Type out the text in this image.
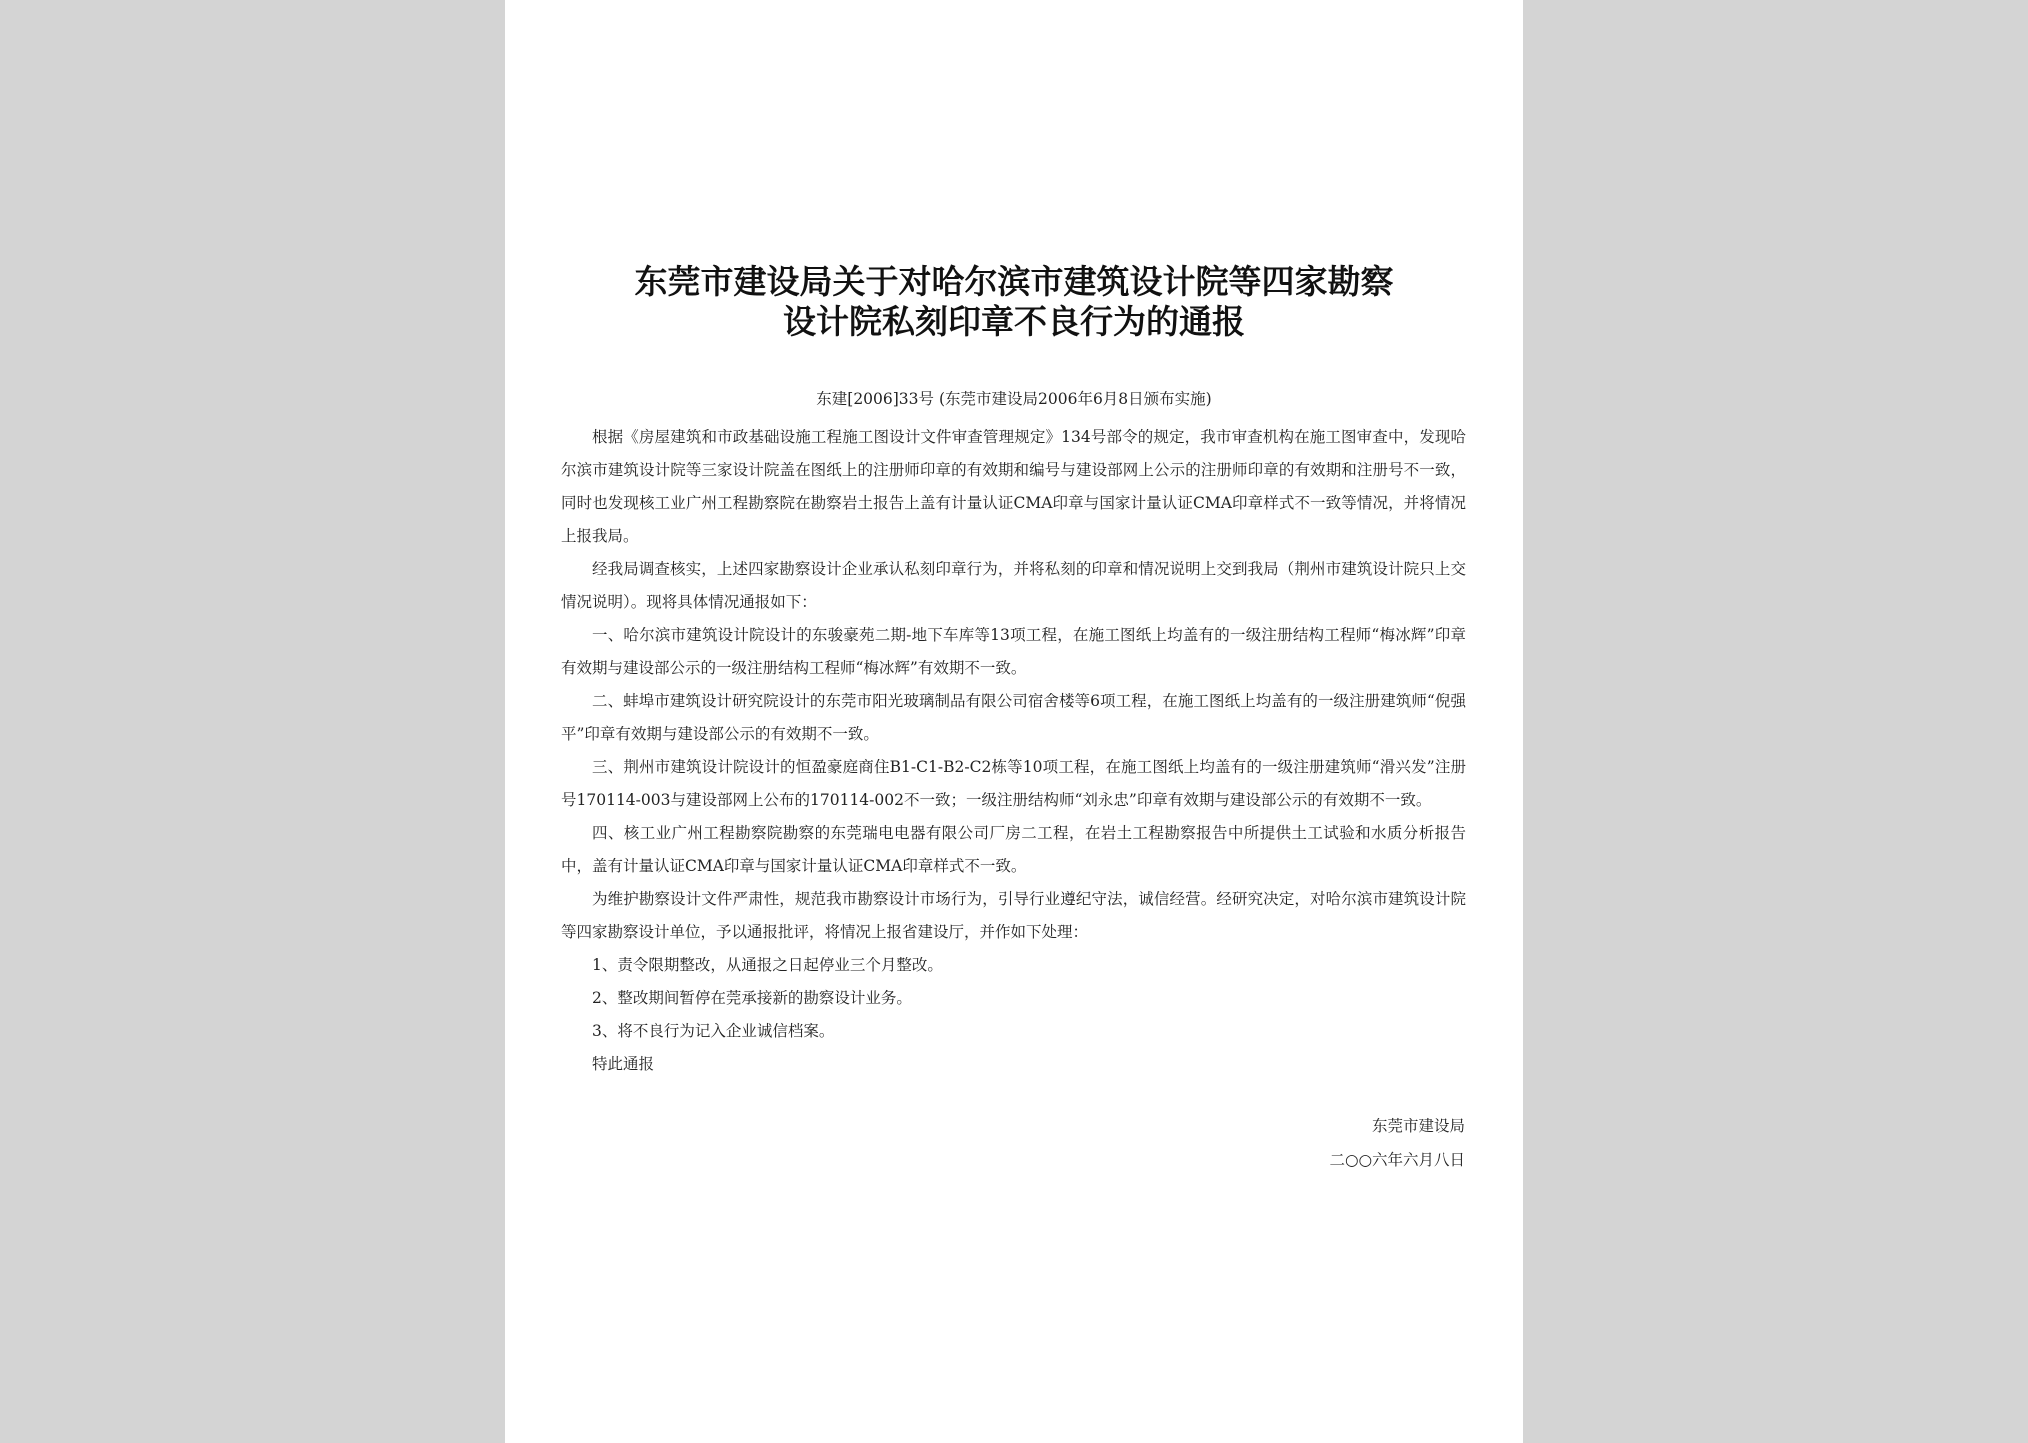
东莞市建设局关于对哈尔滨市建筑设计院等四家勘察
设计院私刻印章不良行为的通报
东建[2006]33号 (东莞市建设局2006年6月8日颁布实施)

根据《房屋建筑和市政基础设施工程施工图设计文件审查管理规定》134号部令的规定，我市审查机构在施工图审查中，发现哈尔滨市建筑设计院等三家设计院盖在图纸上的注册师印章的有效期和编号与建设部网上公示的注册师印章的有效期和注册号不一致，同时也发现核工业广州工程勘察院在勘察岩土报告上盖有计量认证CMA印章与国家计量认证CMA印章样式不一致等情况，并将情况上报我局。

经我局调查核实，上述四家勘察设计企业承认私刻印章行为，并将私刻的印章和情况说明上交到我局（荆州市建筑设计院只上交情况说明）。现将具体情况通报如下：

一、哈尔滨市建筑设计院设计的东骏豪苑二期-地下车库等13项工程，在施工图纸上均盖有的一级注册结构工程师“梅冰辉”印章有效期与建设部公示的一级注册结构工程师“梅冰辉”有效期不一致。

二、蚌埠市建筑设计研究院设计的东莞市阳光玻璃制品有限公司宿舍楼等6项工程，在施工图纸上均盖有的一级注册建筑师“倪强平”印章有效期与建设部公示的有效期不一致。

三、荆州市建筑设计院设计的恒盈豪庭商住B1-C1-B2-C2栋等10项工程，在施工图纸上均盖有的一级注册建筑师“滑兴发”注册号170114-003与建设部网上公布的170114-002不一致；一级注册结构师“刘永忠”印章有效期与建设部公示的有效期不一致。

四、核工业广州工程勘察院勘察的东莞瑞电电器有限公司厂房二工程，在岩土工程勘察报告中所提供土工试验和水质分析报告中，盖有计量认证CMA印章与国家计量认证CMA印章样式不一致。

为维护勘察设计文件严肃性，规范我市勘察设计市场行为，引导行业遵纪守法，诚信经营。经研究决定，对哈尔滨市建筑设计院等四家勘察设计单位，予以通报批评，将情况上报省建设厅，并作如下处理：

1、责令限期整改，从通报之日起停业三个月整改。

2、整改期间暂停在莞承接新的勘察设计业务。

3、将不良行为记入企业诚信档案。

特此通报

东莞市建设局
二○○六年六月八日
